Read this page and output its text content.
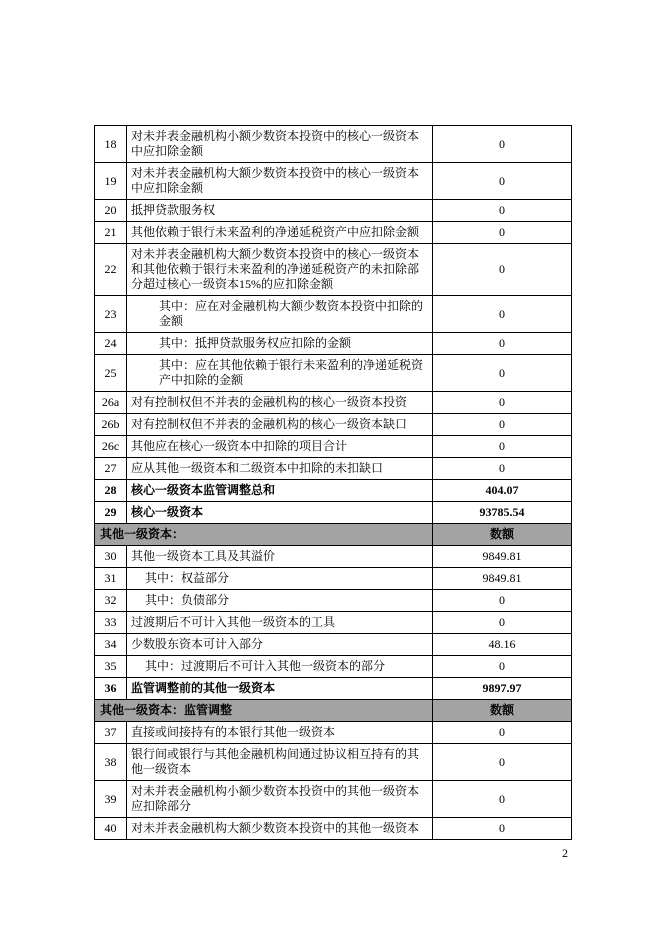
18	对未并表金融机构小额少数资本投资中的核心一级资本中应扣除金额	0
19	对未并表金融机构大额少数资本投资中的核心一级资本中应扣除金额	0
20	抵押贷款服务权	0
21	其他依赖于银行未来盈利的净递延税资产中应扣除金额	0
22	对未并表金融机构大额少数资本投资中的核心一级资本和其他依赖于银行未来盈利的净递延税资产的未扣除部分超过核心一级资本15%的应扣除金额	0
23	其中：应在对金融机构大额少数资本投资中扣除的金额	0
24	其中：抵押贷款服务权应扣除的金额	0
25	其中：应在其他依赖于银行未来盈利的净递延税资产中扣除的金额	0
26a	对有控制权但不并表的金融机构的核心一级资本投资	0
26b	对有控制权但不并表的金融机构的核心一级资本缺口	0
26c	其他应在核心一级资本中扣除的项目合计	0
27	应从其他一级资本和二级资本中扣除的未扣缺口	0
28	核心一级资本监管调整总和	404.07
29	核心一级资本	93785.54
其他一级资本：		数额
30	其他一级资本工具及其溢价	9849.81
31	其中：权益部分	9849.81
32	其中：负债部分	0
33	过渡期后不可计入其他一级资本的工具	0
34	少数股东资本可计入部分	48.16
35	其中：过渡期后不可计入其他一级资本的部分	0
36	监管调整前的其他一级资本	9897.97
其他一级资本：监管调整		数额
37	直接或间接持有的本银行其他一级资本	0
38	银行间或银行与其他金融机构间通过协议相互持有的其他一级资本	0
39	对未并表金融机构小额少数资本投资中的其他一级资本应扣除部分	0
40	对未并表金融机构大额少数资本投资中的其他一级资本	0
2
